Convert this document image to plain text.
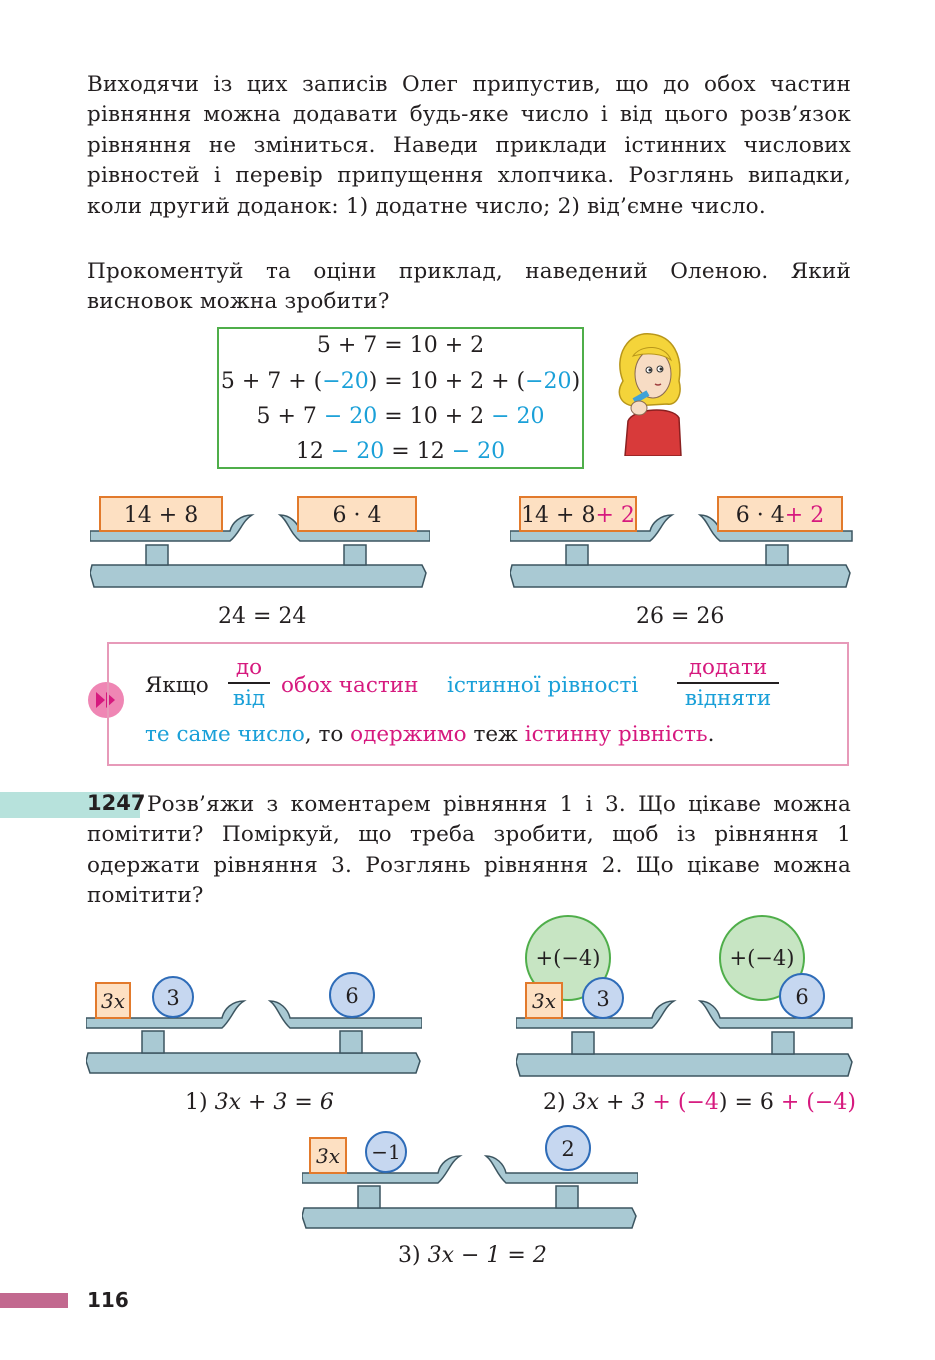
Виходячи із цих записів Олег припустив, що до обох частин рівняння можна додавати будь-яке число і від цього розв’язок рівняння не зміниться. Наведи приклади істинних числових рівностей і перевір припущення хлопчика. Розглянь випадки, коли другий доданок: 1) додатне число; 2) від’ємне число.
Прокоментуй та оціни приклад, наведений Оленою. Який висновок можна зробити?
5 + 7 = 10 + 2
5 + 7 + (−20) = 10 + 2 + (−20)
5 + 7 − 20 = 10 + 2 − 20
12 − 20 = 12 − 20
14 + 8	6 · 4
24 = 24
14 + 8+ 2	6 · 4+ 2
26 = 26
Якщо
до
від обох частин істинної рівності
додати
відняти
те саме число, то одержимо теж істинну рівність.
1247 Розв’яжи з коментарем рівняння 1 і 3. Що цікаве можна помітити? Поміркуй, що треба зробити, щоб із рівняння 1 одержати рівняння 3. Розглянь рівняння 2. Що цікаве можна помітити?
3x 3	6
1) 3x + 3 = 6
+(−4)	+(−4)
3x 3	6
2) 3x + 3 + (−4) = 6 + (−4)
3x −1	2
3) 3x − 1 = 2
116
